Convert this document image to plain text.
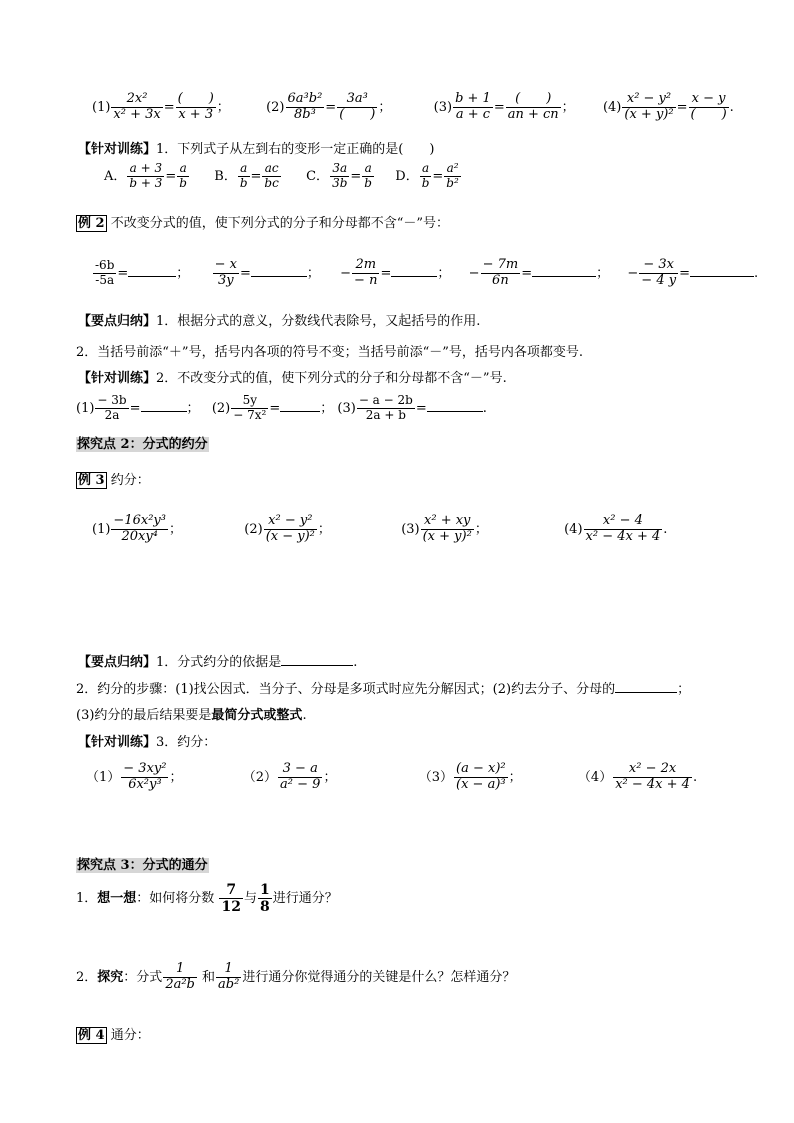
$(1) \frac{\text{2x²}}{\text{x² + 3x}} = \frac{( )}{x + 3}$ ；	$(2) \frac{\text{6a³b²}}{\text{8b³}} = \frac{\text{3a³}}{( )}$ ；	$(3) \frac{b + 1}{a + c} = \frac{( )}{an + cn}$ ； $(4) \frac{\text{x² − y²}}{\text{(x + y)²}} = \frac{x - y}{( )}$ .
【针对训练】1．下列式子从左到右的变形一定正确的是(　　)
A． $\frac{a + 3}{b + 3} = \frac{a}{b}$ B． $\frac{a}{b} = \frac{ac}{bc}$ C． $\frac{3a}{3b} = \frac{a}{b}$ D． $\frac{a}{b} = \frac{\text{a²}}{\text{b²}}$
例 2 不改变分式的值，使下列分式的分子和分母都不含“－”号：
$\frac{-6b}{-5a}$ =	； $\frac{- x}{3y}$ =	； − $\frac{2m}{- n}$ =	； − $\frac{- 7m}{6n}$ =	； − $\frac{- 3x}{- 4 y}$ =	.
【要点归纳】1．根据分式的意义，分数线代表除号，又起括号的作用.
2．当括号前添“＋”号，括号内各项的符号不变；当括号前添“－”号，括号内各项都变号.
【针对训练】2．不改变分式的值，使下列分式的分子和分母都不含“－”号.
$(1) \frac{- 3b}{2a}$ =	； $(2) \frac{5y}{\text{− 7x²}}$ =	； $(3) \frac{- a - 2b}{2a + b}$ =	.
探究点 2：分式的约分
例 3 约分：
$(1) \frac{\text{−16x²y³}}{\text{20xy⁴}}$ ；	$(2) \frac{\text{x² − y²}}{\text{(x − y)²}}$ ；	$(3) \frac{\text{x² + xy}}{\text{(x + y)²}}$ ；	$(4) \frac{\text{x² − 4}}{\text{x² − 4x + 4}}$ .
【要点归纳】1．分式约分的依据是	.
2．约分的步骤：(1)找公因式．当分子、分母是多项式时应先分解因式；(2)约去分子、分母的	；
(3)约分的最后结果要是最简分式或整式.
【针对训练】3．约分：
$(1) \frac{\text{− 3xy²}}{\text{6x²y³}}$ ；	$(2) \frac{3 - a}{\text{a² − 9}}$ ；	$(3) \frac{\text{(a − x)²}}{\text{(x − a)³}}$ ；	$(4) \frac{\text{x² − 2x}}{\text{x² − 4x + 4}}$ .
探究点 3：分式的通分
1．想一想：如何将分数 $\frac{7}{12}$ 与 $\frac{1}{8}$ 进行通分？
2．探究：分式 $\frac{1}{\text{2a²b}}$ 和 $\frac{1}{\text{ab²}}$ 进行通分你觉得通分的关键是什么？怎样通分？
例 4 通分：
